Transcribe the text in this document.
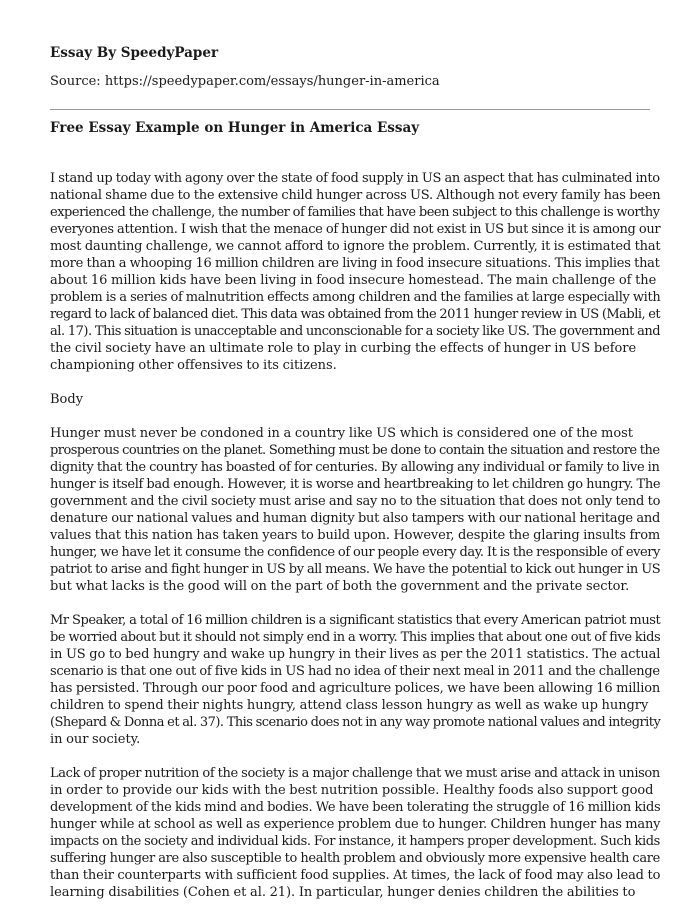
Essay By SpeedyPaper
Source: https://speedypaper.com/essays/hunger-in-america
Free Essay Example on Hunger in America Essay
I stand up today with agony over the state of food supply in US an aspect that has culminated into
national shame due to the extensive child hunger across US. Although not every family has been
experienced the challenge, the number of families that have been subject to this challenge is worthy
everyones attention. I wish that the menace of hunger did not exist in US but since it is among our
most daunting challenge, we cannot afford to ignore the problem. Currently, it is estimated that
more than a whooping 16 million children are living in food insecure situations. This implies that
about 16 million kids have been living in food insecure homestead. The main challenge of the
problem is a series of malnutrition effects among children and the families at large especially with
regard to lack of balanced diet. This data was obtained from the 2011 hunger review in US (Mabli, et
al. 17). This situation is unacceptable and unconscionable for a society like US. The government and
the civil society have an ultimate role to play in curbing the effects of hunger in US before
championing other offensives to its citizens.
Body
Hunger must never be condoned in a country like US which is considered one of the most
prosperous countries on the planet. Something must be done to contain the situation and restore the
dignity that the country has boasted of for centuries. By allowing any individual or family to live in
hunger is itself bad enough. However, it is worse and heartbreaking to let children go hungry. The
government and the civil society must arise and say no to the situation that does not only tend to
denature our national values and human dignity but also tampers with our national heritage and
values that this nation has taken years to build upon. However, despite the glaring insults from
hunger, we have let it consume the confidence of our people every day. It is the responsible of every
patriot to arise and fight hunger in US by all means. We have the potential to kick out hunger in US
but what lacks is the good will on the part of both the government and the private sector.
Mr Speaker, a total of 16 million children is a significant statistics that every American patriot must
be worried about but it should not simply end in a worry. This implies that about one out of five kids
in US go to bed hungry and wake up hungry in their lives as per the 2011 statistics. The actual
scenario is that one out of five kids in US had no idea of their next meal in 2011 and the challenge
has persisted. Through our poor food and agriculture polices, we have been allowing 16 million
children to spend their nights hungry, attend class lesson hungry as well as wake up hungry
(Shepard & Donna et al. 37). This scenario does not in any way promote national values and integrity
in our society.
Lack of proper nutrition of the society is a major challenge that we must arise and attack in unison
in order to provide our kids with the best nutrition possible. Healthy foods also support good
development of the kids mind and bodies. We have been tolerating the struggle of 16 million kids
hunger while at school as well as experience problem due to hunger. Children hunger has many
impacts on the society and individual kids. For instance, it hampers proper development. Such kids
suffering hunger are also susceptible to health problem and obviously more expensive health care
than their counterparts with sufficient food supplies. At times, the lack of food may also lead to
learning disabilities (Cohen et al. 21). In particular, hunger denies children the abilities to
